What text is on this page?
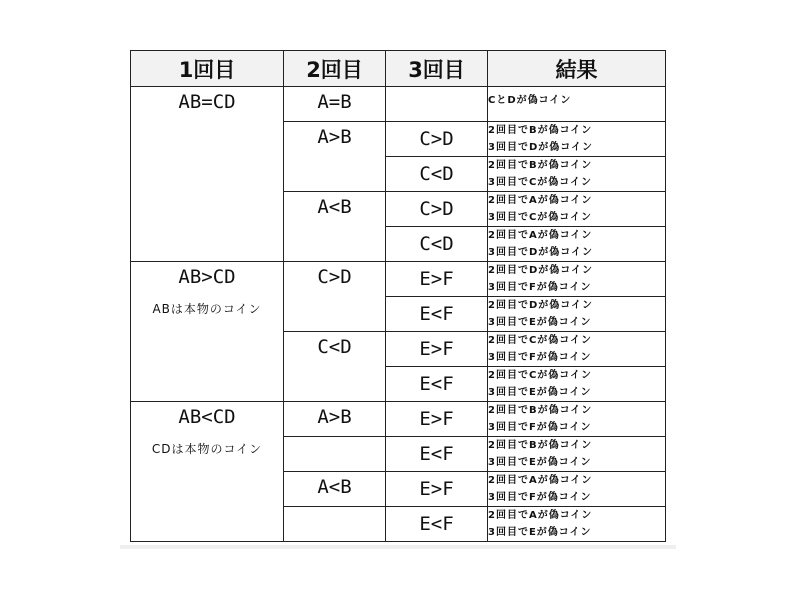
1回目	2回目	3回目	結果

AB=CD	A=B		CとDが偽コイン

	A>B	C>D	2回目でBが偽コイン
3回目でDが偽コイン

		C<D	2回目でBが偽コイン
3回目でCが偽コイン

	A<B	C>D	2回目でAが偽コイン
3回目でCが偽コイン

		C<D	2回目でAが偽コイン
3回目でDが偽コイン

AB>CD
ABは本物のコイン	C>D	E>F	2回目でDが偽コイン
3回目でFが偽コイン

		E<F	2回目でDが偽コイン
3回目でEが偽コイン

	C<D	E>F	2回目でCが偽コイン
3回目でFが偽コイン

		E<F	2回目でCが偽コイン
3回目でEが偽コイン

AB<CD
CDは本物のコイン	A>B	E>F	2回目でBが偽コイン
3回目でFが偽コイン

		E<F	2回目でBが偽コイン
3回目でEが偽コイン

	A<B	E>F	2回目でAが偽コイン
3回目でFが偽コイン

		E<F	2回目でAが偽コイン
3回目でEが偽コイン
